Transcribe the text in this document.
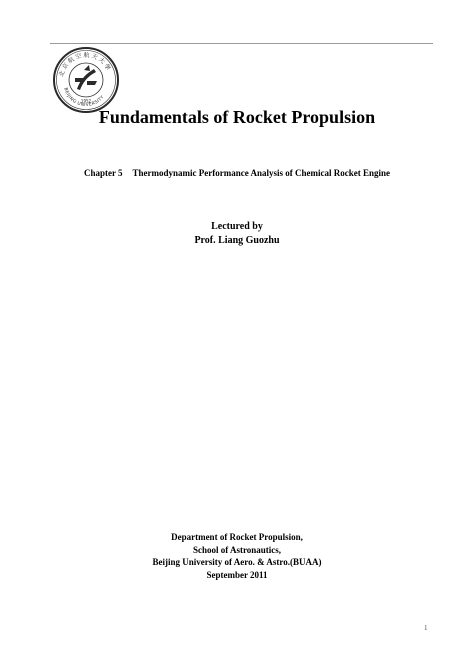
北京航空航天大學
BEIJING UNIVERSITY
1952
Fundamentals of Rocket Propulsion
Chapter 5 Thermodynamic Performance Analysis of Chemical Rocket Engine
Lectured by
Prof. Liang Guozhu
Department of Rocket Propulsion,
School of Astronautics,
Beijing University of Aero. & Astro.(BUAA)
September 2011
1
